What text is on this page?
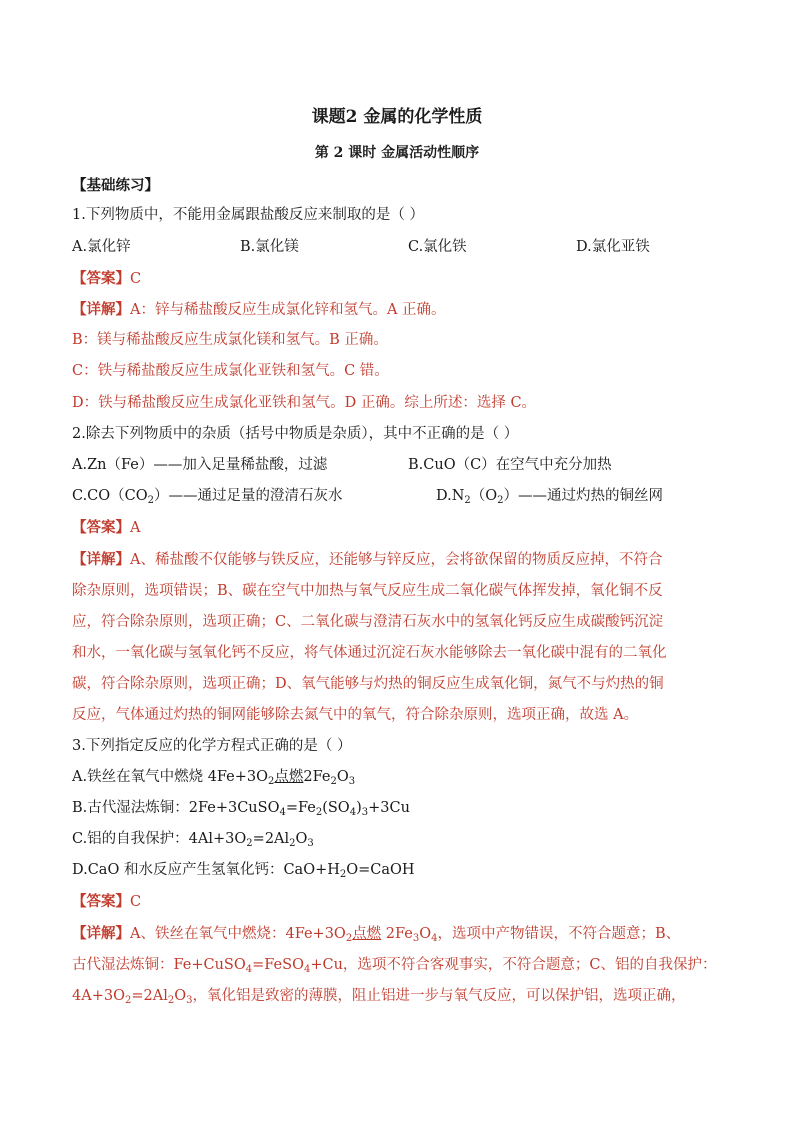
课题2 金属的化学性质
第 2 课时 金属活动性顺序
【基础练习】
1.下列物质中，不能用金属跟盐酸反应来制取的是（ ）
A.氯化锌	B.氯化镁	C.氯化铁	D.氯化亚铁
【答案】C
【详解】A：锌与稀盐酸反应生成氯化锌和氢气。A 正确。
B：镁与稀盐酸反应生成氯化镁和氢气。B 正确。
C：铁与稀盐酸反应生成氯化亚铁和氢气。C 错。
D：铁与稀盐酸反应生成氯化亚铁和氢气。D 正确。综上所述：选择 C。
2.除去下列物质中的杂质（括号中物质是杂质），其中不正确的是（ ）
A.Zn（Fe）——加入足量稀盐酸，过滤	B.CuO（C）在空气中充分加热
$C.CO(CO_2)——$通过足量的澄清石灰水	$D.N_2(O_2)——$通过灼热的铜丝网
【答案】A
【详解】A、稀盐酸不仅能够与铁反应，还能够与锌反应，会将欲保留的物质反应掉，不符合
除杂原则，选项错误；B、碳在空气中加热与氧气反应生成二氧化碳气体挥发掉，氧化铜不反
应，符合除杂原则，选项正确；C、二氧化碳与澄清石灰水中的氢氧化钙反应生成碳酸钙沉淀
和水，一氧化碳与氢氧化钙不反应，将气体通过沉淀石灰水能够除去一氧化碳中混有的二氧化
碳，符合除杂原则，选项正确；D、氧气能够与灼热的铜反应生成氧化铜，氮气不与灼热的铜
反应，气体通过灼热的铜网能够除去氮气中的氧气，符合除杂原则，选项正确，故选 A。
3.下列指定反应的化学方程式正确的是（ ）
A.铁丝在氧气中燃烧 $4Fe+3O_2$点燃$2Fe_2O_3$
B.古代湿法炼铜：$2Fe+3CuSO_4=Fe_2(SO_4)_3+3Cu$
C.铝的自我保护：$4Al+3O_2=2Al_2O_3$
D.CaO 和水反应产生氢氧化钙：$CaO+H_2O=CaOH$
【答案】C
【详解】A、铁丝在氧气中燃烧：$4Fe+3O_2$点燃 $2Fe_3O_4$，选项中产物错误，不符合题意；B、
古代湿法炼铜：Fe+CuSO$_4$=FeSO$_4$+Cu，选项不符合客观事实，不符合题意；C、铝的自我保护：
$4A+3O_2=2Al_2O_3$，氧化铝是致密的薄膜，阻止铝进一步与氧气反应，可以保护铝，选项正确，
